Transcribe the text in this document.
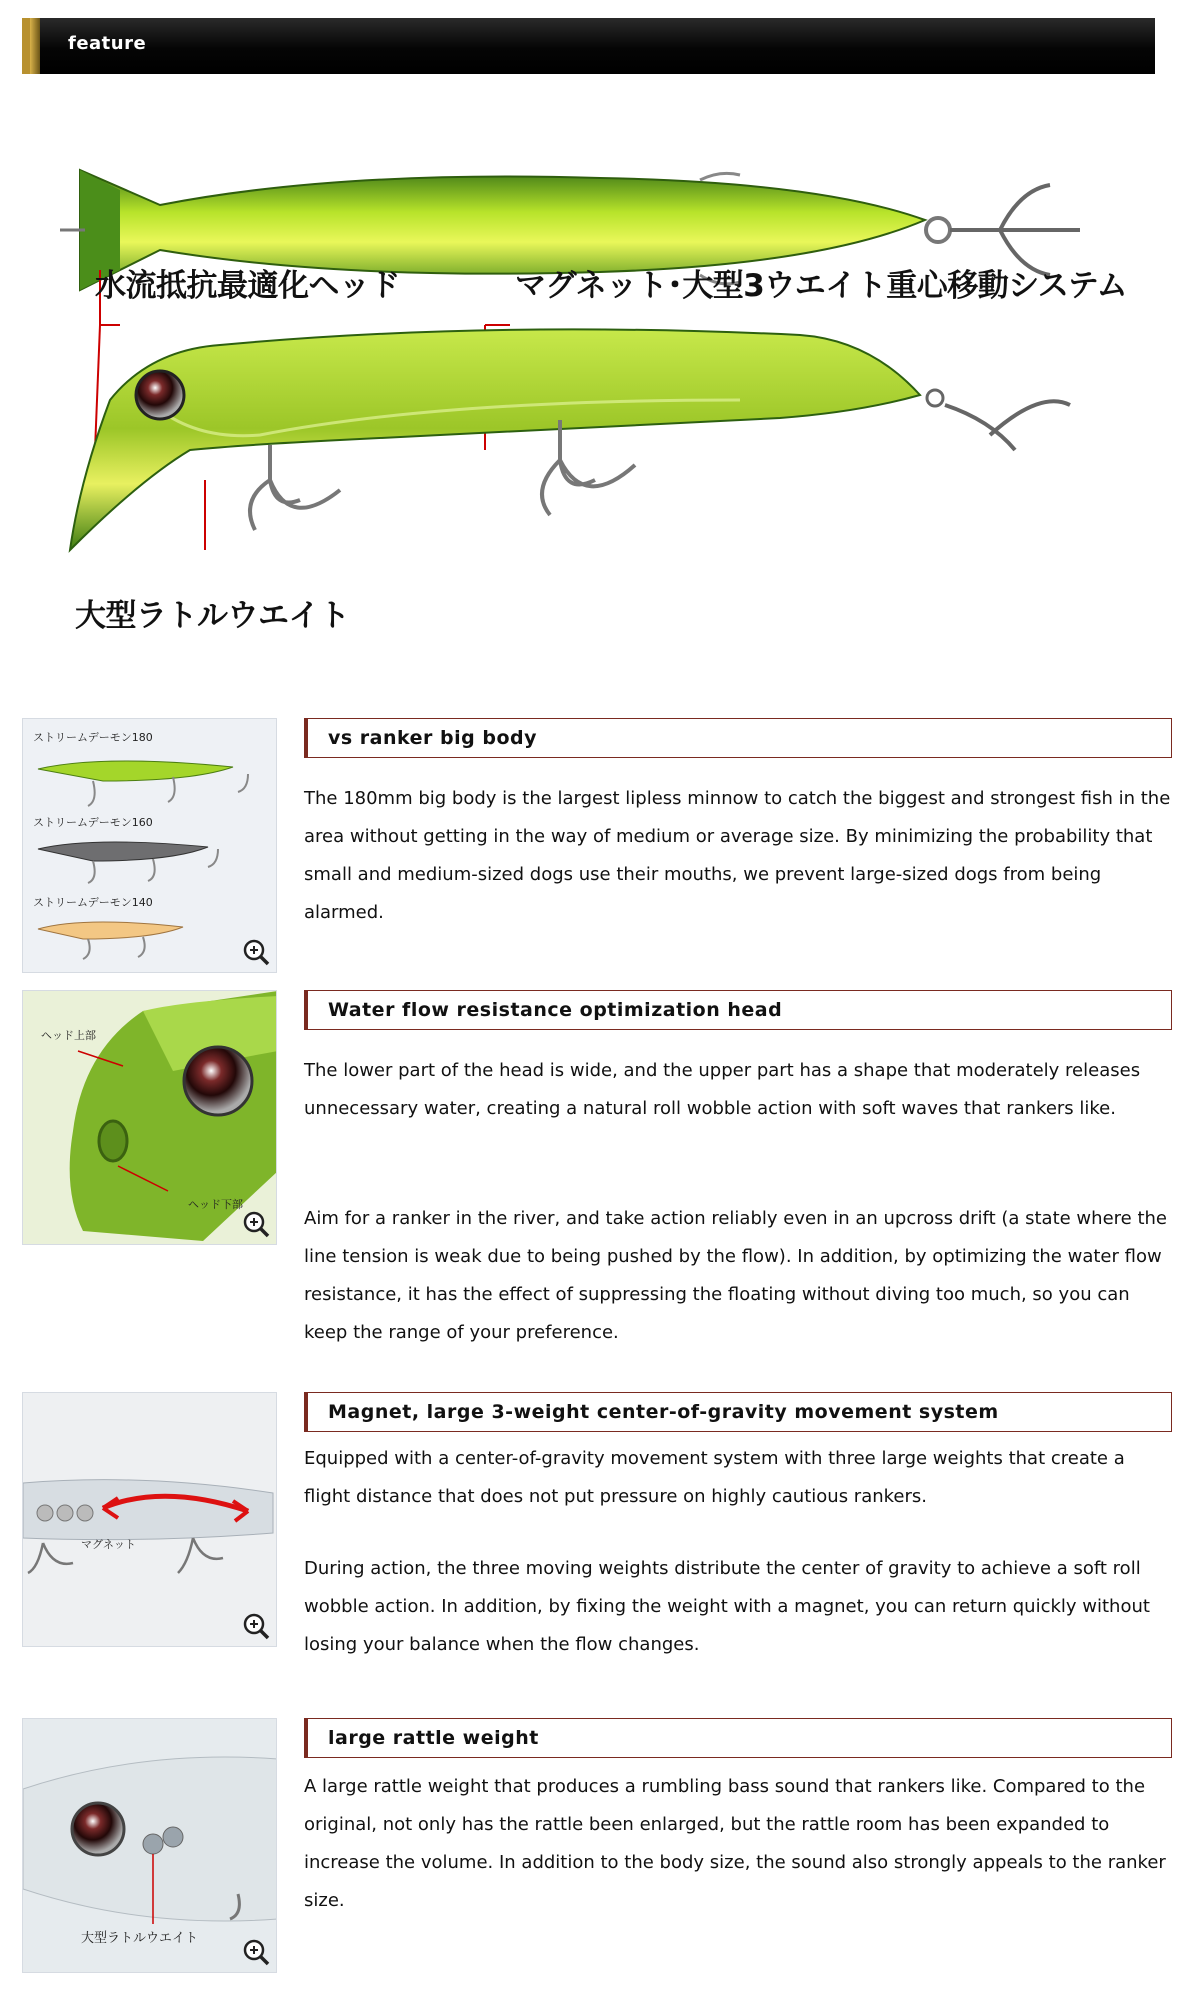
feature
水流抵抗最適化ヘッド	マグネット･大型3ウエイト重心移動システム
大型ラトルウエイト
ストリームデーモン180
ストリームデーモン160
ストリームデーモン140
vs ranker big body

The 180mm big body is the largest lipless minnow to catch the biggest and strongest fish in the area without getting in the way of medium or average size. By minimizing the probability that small and medium-sized dogs use their mouths, we prevent large-sized dogs from being alarmed.

ヘッド上部
ヘッド下部
Water flow resistance optimization head

The lower part of the head is wide, and the upper part has a shape that moderately releases unnecessary water, creating a natural roll wobble action with soft waves that rankers like.

Aim for a ranker in the river, and take action reliably even in an upcross drift (a state where the line tension is weak due to being pushed by the flow). In addition, by optimizing the water flow resistance, it has the effect of suppressing the floating without diving too much, so you can keep the range of your preference.

マグネット
Magnet, large 3-weight center-of-gravity movement system

Equipped with a center-of-gravity movement system with three large weights that create a flight distance that does not put pressure on highly cautious rankers.

During action, the three moving weights distribute the center of gravity to achieve a soft roll wobble action. In addition, by fixing the weight with a magnet, you can return quickly without losing your balance when the flow changes.

大型ラトルウエイト
large rattle weight

A large rattle weight that produces a rumbling bass sound that rankers like. Compared to the original, not only has the rattle been enlarged, but the rattle room has been expanded to increase the volume. In addition to the body size, the sound also strongly appeals to the ranker size.
